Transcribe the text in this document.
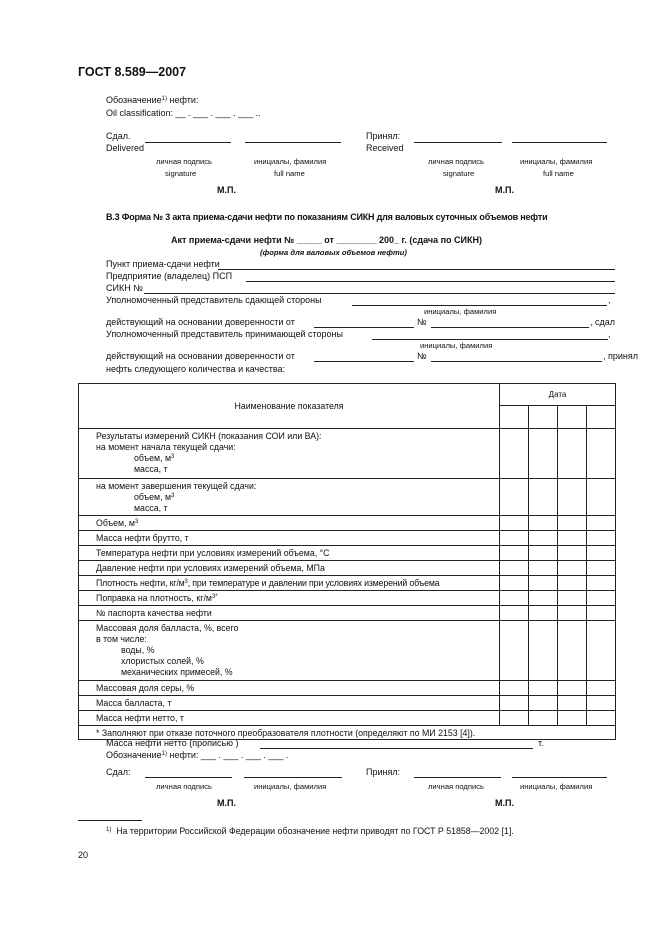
ГОСТ 8.589—2007
Обозначение$^{1)}$ нефти:
Oil classification: __ . ___ . ___ . ___ ..
Сдал.
Delivered
Принял:
Received
личная подпись	инициалы, фамилия	личная подпись	инициалы, фамилия
signature	full name	signature	full name
М.П.	М.П.
В.3 Форма № 3 акта приема-сдачи нефти по показаниям СИКН для валовых суточных объемов нефти
Акт приема-сдачи нефти № _____ от ________ 200_ г. (сдача по СИКН)
(форма для валовых объемов нефти)
Пункт приема-сдачи нефти
Предприятие (владелец) ПСП
СИКН №
Уполномоченный представитель сдающей стороны	,
инициалы, фамилия
действующий на основании доверенности от	№	, сдал
Уполномоченный представитель принимающей стороны	,
инициалы, фамилия
действующий на основании доверенности от	№	, принял
нефть следующего количества и качества:
Наименование показателя	Дата			

Результаты измерений СИКН (показания СОИ или ВА):
на момент начала текущей сдачи:
объем, $м^3$
масса, т				

на момент завершения текущей сдачи:
объем, $м^3$
масса, т				

Объем, $м^3$				
Масса нефти брутто, т				
Температура нефти при условиях измерений объема, °С				
Давление нефти при условиях измерений объема, МПа				
Плотность нефти, $кг/м^3$, при температуре и давлении при условиях измерений объема				
Поправка на плотность, $кг/м^{3*}$				
№ паспорта качества нефти				
Массовая доля балласта, %, всего
в том числе:
воды, %
хлористых солей, %
механических примесей, %				

Массовая доля серы, %				
Масса балласта, т				
Масса нефти нетто, т				
* Заполняют при отказе поточного преобразователя плотности (определяют по МИ 2153 [4]).				
Масса нефти нетто (прописью )	т.
Обозначение$^{1)}$ нефти: ___ . ___ . ___ . ___ .
Сдал:	Принял:
личная подпись	инициалы, фамилия	личная подпись	инициалы, фамилия
М.П.	М.П.
$^{1)}$ На территории Российской Федерации обозначение нефти приводят по ГОСТ Р 51858—2002 [1].
20
